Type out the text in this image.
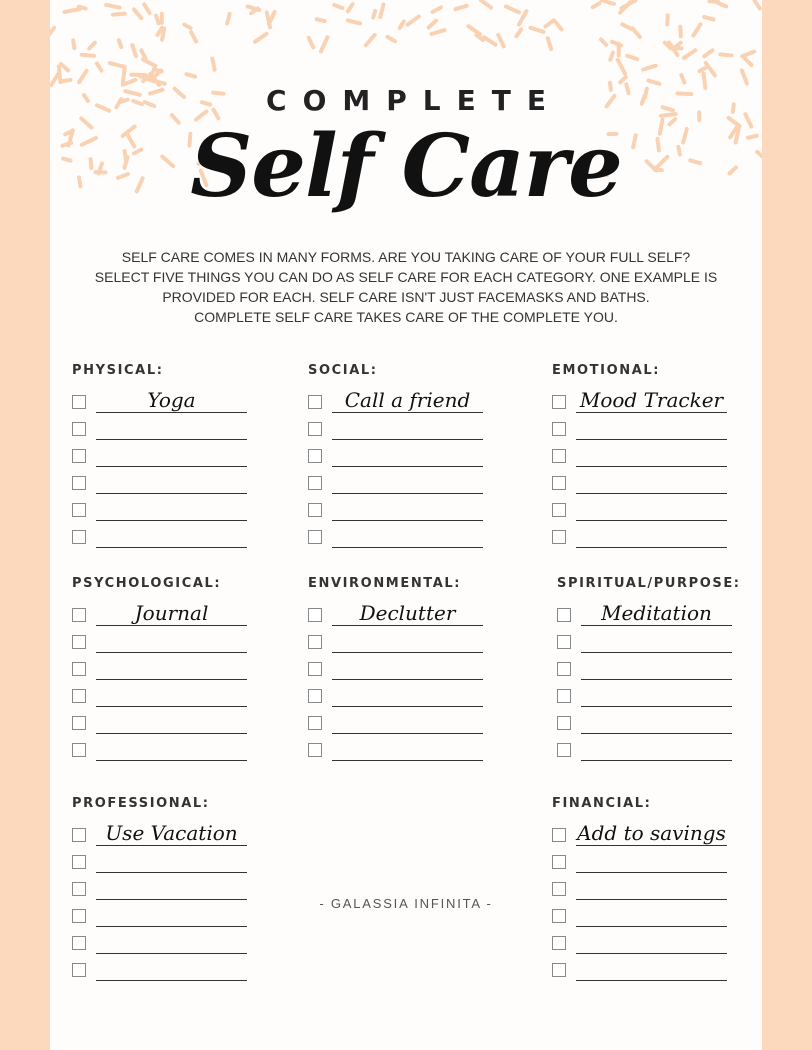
COMPLETE
Self Care
SELF CARE COMES IN MANY FORMS. ARE YOU TAKING CARE OF YOUR FULL SELF?
SELECT FIVE THINGS YOU CAN DO AS SELF CARE FOR EACH CATEGORY. ONE EXAMPLE IS
PROVIDED FOR EACH. SELF CARE ISN'T JUST FACEMASKS AND BATHS.
COMPLETE SELF CARE TAKES CARE OF THE COMPLETE YOU.
PHYSICAL:
Yoga
SOCIAL:
Call a friend
EMOTIONAL:
Mood Tracker
PSYCHOLOGICAL:
Journal
ENVIRONMENTAL:
Declutter
SPIRITUAL/PURPOSE:
Meditation
PROFESSIONAL:
Use Vacation
FINANCIAL:
Add to savings
- GALASSIA INFINITA -
